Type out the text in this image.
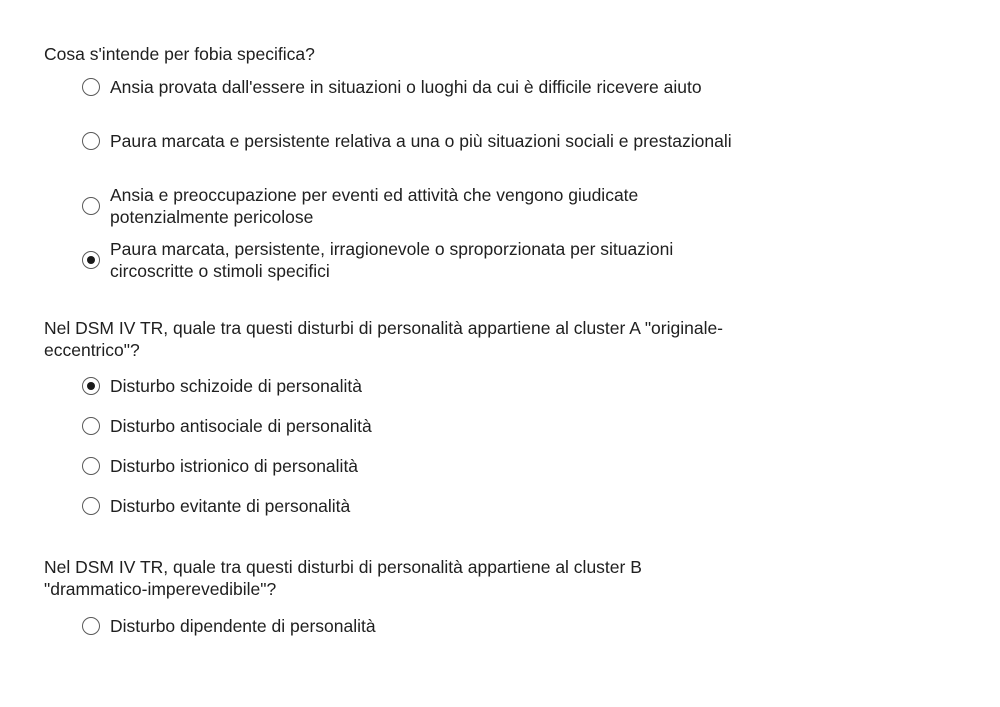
Cosa s'intende per fobia specifica?

Ansia provata dall'essere in situazioni o luoghi da cui è difficile ricevere aiuto
Paura marcata e persistente relativa a una o più situazioni sociali e prestazionali
Ansia e preoccupazione per eventi ed attività che vengono giudicate potenzialmente pericolose
Paura marcata, persistente, irragionevole o sproporzionata per situazioni circoscritte o stimoli specifici

Nel DSM IV TR, quale tra questi disturbi di personalità appartiene al cluster A "originale-eccentrico"?

Disturbo schizoide di personalità
Disturbo antisociale di personalità
Disturbo istrionico di personalità
Disturbo evitante di personalità

Nel DSM IV TR, quale tra questi disturbi di personalità appartiene al cluster B "drammatico-imperevedibile"?

Disturbo dipendente di personalità
